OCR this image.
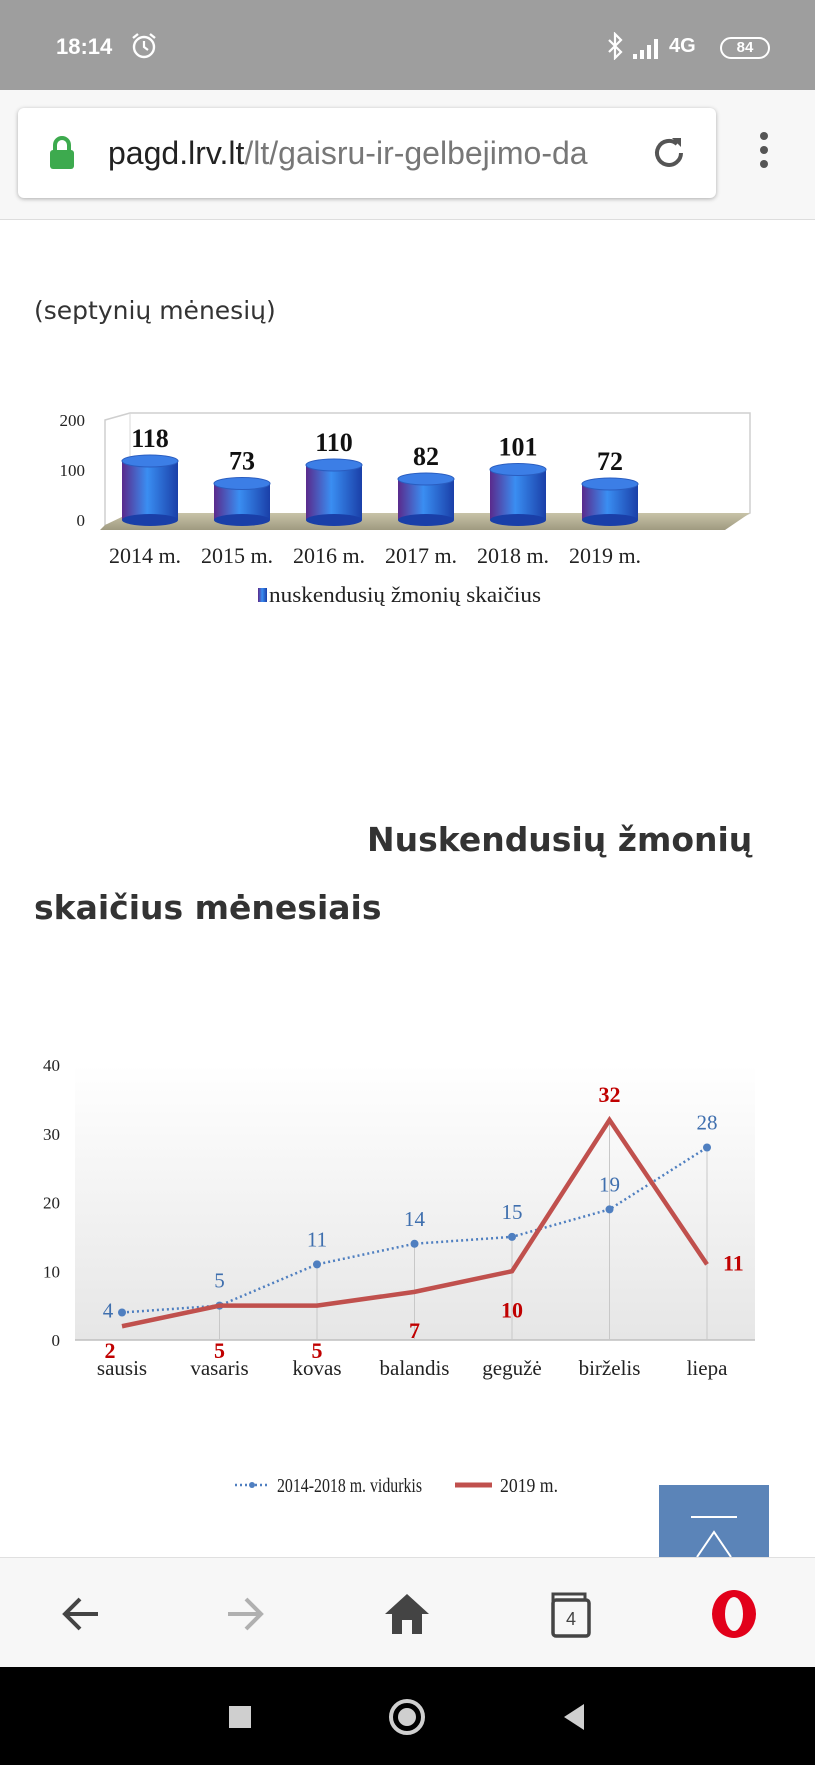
18:14	4G	84
pagd.lrv.lt/lt/gaisru-ir-gelbejimo-da
(septynių mėnesių)
0
100
200
118
73
110 82 101 72
2014 m. 2015 m. 2016 m. 2017 m. 2018 m. 2019 m.
nuskendusių žmonių skaičius
Nuskendusių žmonių
skaičius mėnesiais
0
10
20
30
40
4
5
11
14	15
19
28
2	5	5
7
10
32
11
sausis vasaris kovas balandis gegužė birželis liepa
2014-2018 m. vidurkis	2019 m.
4
